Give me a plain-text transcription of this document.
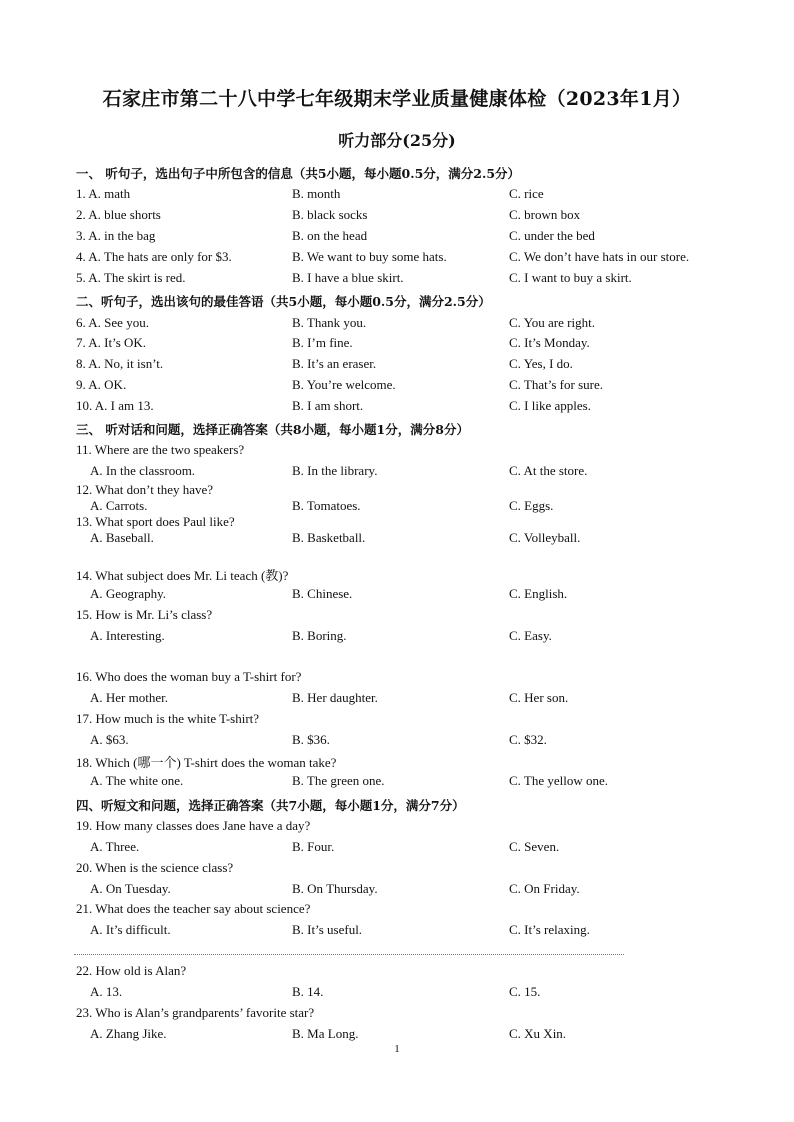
石家庄市第二十八中学七年级期末学业质量健康体检（2023年1月）
听力部分(25分)
一、 听句子，选出句子中所包含的信息（共5小题，每小题0.5分，满分2.5分）
1. A. math	B. month	C. rice
2. A. blue shorts	B. black socks	C. brown box
3. A. in the bag	B. on the head	C. under the bed
4. A. The hats are only for $3.	B. We want to buy some hats.	C. We don’t have hats in our store.
5. A. The skirt is red.	B. I have a blue skirt.	C. I want to buy a skirt.
二、听句子，选出该句的最佳答语（共5小题，每小题0.5分，满分2.5分）
6. A. See you.	B. Thank you.	C. You are right.
7. A. It’s OK.	B. I’m fine.	C. It’s Monday.
8. A. No, it isn’t.	B. It’s an eraser.	C. Yes, I do.
9. A. OK.	B. You’re welcome.	C. That’s for sure.
10. A. I am 13.	B. I am short.	C. I like apples.
三、 听对话和问题，选择正确答案（共8小题，每小题1分，满分8分）
11. Where are the two speakers?
A. In the classroom.	B. In the library.	C. At the store.
12. What don’t they have?
A. Carrots.	B. Tomatoes.	C. Eggs.
13. What sport does Paul like?
A. Baseball.	B. Basketball.	C. Volleyball.
14. What subject does Mr. Li teach (教)?
A. Geography.	B. Chinese.	C. English.
15. How is Mr. Li’s class?
A. Interesting.	B. Boring.	C. Easy.
16. Who does the woman buy a T-shirt for?
A. Her mother.	B. Her daughter.	C. Her son.
17. How much is the white T-shirt?
A. $63.	B. $36.	C. $32.
18. Which (哪一个) T-shirt does the woman take?
A. The white one.	B. The green one.	C. The yellow one.
四、听短文和问题，选择正确答案（共7小题，每小题1分，满分7分）
19. How many classes does Jane have a day?
A. Three.	B. Four.	C. Seven.
20. When is the science class?
A. On Tuesday.	B. On Thursday.	C. On Friday.
21. What does the teacher say about science?
A. It’s difficult.	B. It’s useful.	C. It’s relaxing.
22. How old is Alan?
A. 13.	B. 14.	C. 15.
23. Who is Alan’s grandparents’ favorite star?
A. Zhang Jike.	B. Ma Long.	C. Xu Xin.
1
